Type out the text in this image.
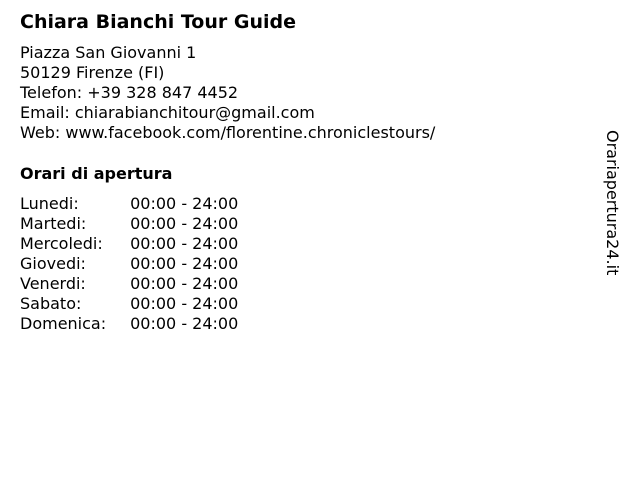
Chiara Bianchi Tour Guide
Piazza San Giovanni 1
50129 Firenze (FI)
Telefon: +39 328 847 4452
Email: chiarabianchitour@gmail.com
Web: www.facebook.com/florentine.chroniclestours/
Orari di apertura
Lunedi:	00:00 - 24:00
Martedi:	00:00 - 24:00
Mercoledi:	00:00 - 24:00
Giovedi:	00:00 - 24:00
Venerdi:	00:00 - 24:00
Sabato:	00:00 - 24:00
Domenica:	00:00 - 24:00
Orariapertura24.it
